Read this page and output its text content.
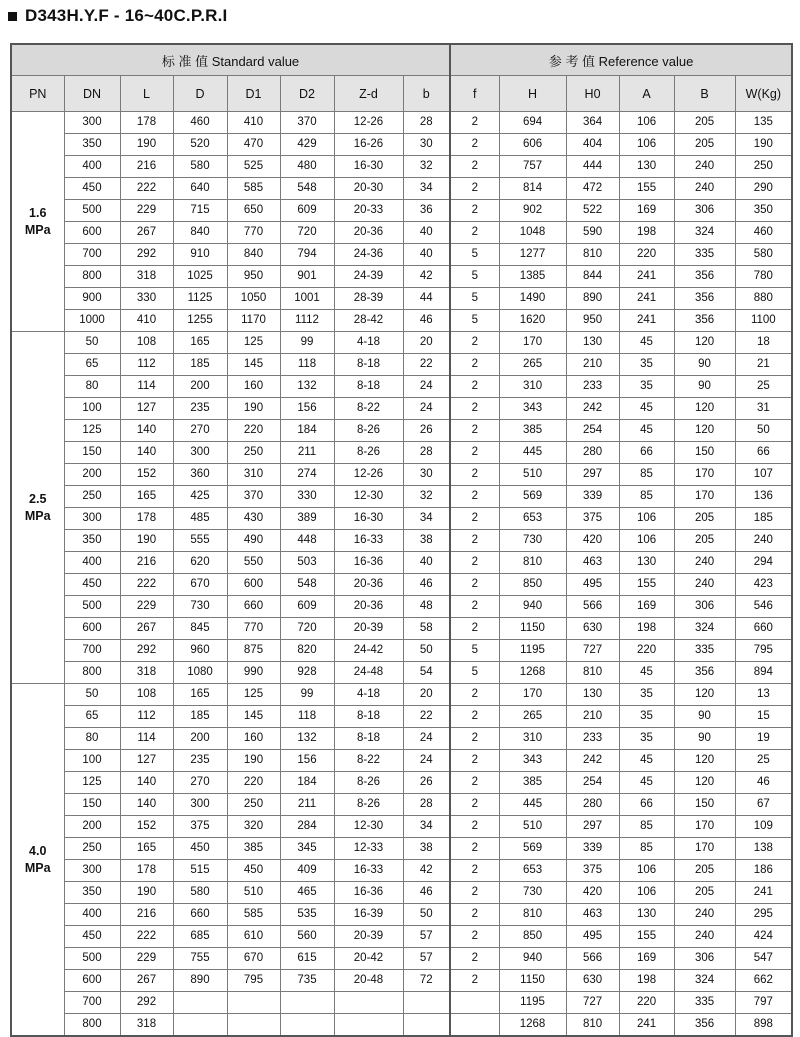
D343H.Y.F - 16~40C.P.R.I
标 准 值 Standard value								参 考 值 Reference value					
PN	DN	L	D	D1	D2	Z-d	b	f	H	H0	A	B	W(Kg)

1.6
MPa	300	178	460	410	370	12-26	28	2	694	364	106	205	135
	350	190	520	470	429	16-26	30	2	606	404	106	205	190
	400	216	580	525	480	16-30	32	2	757	444	130	240	250
	450	222	640	585	548	20-30	34	2	814	472	155	240	290
	500	229	715	650	609	20-33	36	2	902	522	169	306	350
	600	267	840	770	720	20-36	40	2	1048	590	198	324	460
	700	292	910	840	794	24-36	40	5	1277	810	220	335	580
	800	318	1025	950	901	24-39	42	5	1385	844	241	356	780
	900	330	1125	1050	1001	28-39	44	5	1490	890	241	356	880
	1000	410	1255	1170	1112	28-42	46	5	1620	950	241	356	1100

2.5
MPa	50	108	165	125	99	4-18	20	2	170	130	45	120	18
	65	112	185	145	118	8-18	22	2	265	210	35	90	21
	80	114	200	160	132	8-18	24	2	310	233	35	90	25
	100	127	235	190	156	8-22	24	2	343	242	45	120	31
	125	140	270	220	184	8-26	26	2	385	254	45	120	50
	150	140	300	250	211	8-26	28	2	445	280	66	150	66
	200	152	360	310	274	12-26	30	2	510	297	85	170	107
	250	165	425	370	330	12-30	32	2	569	339	85	170	136
	300	178	485	430	389	16-30	34	2	653	375	106	205	185
	350	190	555	490	448	16-33	38	2	730	420	106	205	240
	400	216	620	550	503	16-36	40	2	810	463	130	240	294
	450	222	670	600	548	20-36	46	2	850	495	155	240	423
	500	229	730	660	609	20-36	48	2	940	566	169	306	546
	600	267	845	770	720	20-39	58	2	1150	630	198	324	660
	700	292	960	875	820	24-42	50	5	1195	727	220	335	795
	800	318	1080	990	928	24-48	54	5	1268	810	45	356	894

4.0
MPa	50	108	165	125	99	4-18	20	2	170	130	35	120	13
	65	112	185	145	118	8-18	22	2	265	210	35	90	15
	80	114	200	160	132	8-18	24	2	310	233	35	90	19
	100	127	235	190	156	8-22	24	2	343	242	45	120	25
	125	140	270	220	184	8-26	26	2	385	254	45	120	46
	150	140	300	250	211	8-26	28	2	445	280	66	150	67
	200	152	375	320	284	12-30	34	2	510	297	85	170	109
	250	165	450	385	345	12-33	38	2	569	339	85	170	138
	300	178	515	450	409	16-33	42	2	653	375	106	205	186
	350	190	580	510	465	16-36	46	2	730	420	106	205	241
	400	216	660	585	535	16-39	50	2	810	463	130	240	295
	450	222	685	610	560	20-39	57	2	850	495	155	240	424
	500	229	755	670	615	20-42	57	2	940	566	169	306	547
	600	267	890	795	735	20-48	72	2	1150	630	198	324	662
	700	292							1195	727	220	335	797
	800	318							1268	810	241	356	898
